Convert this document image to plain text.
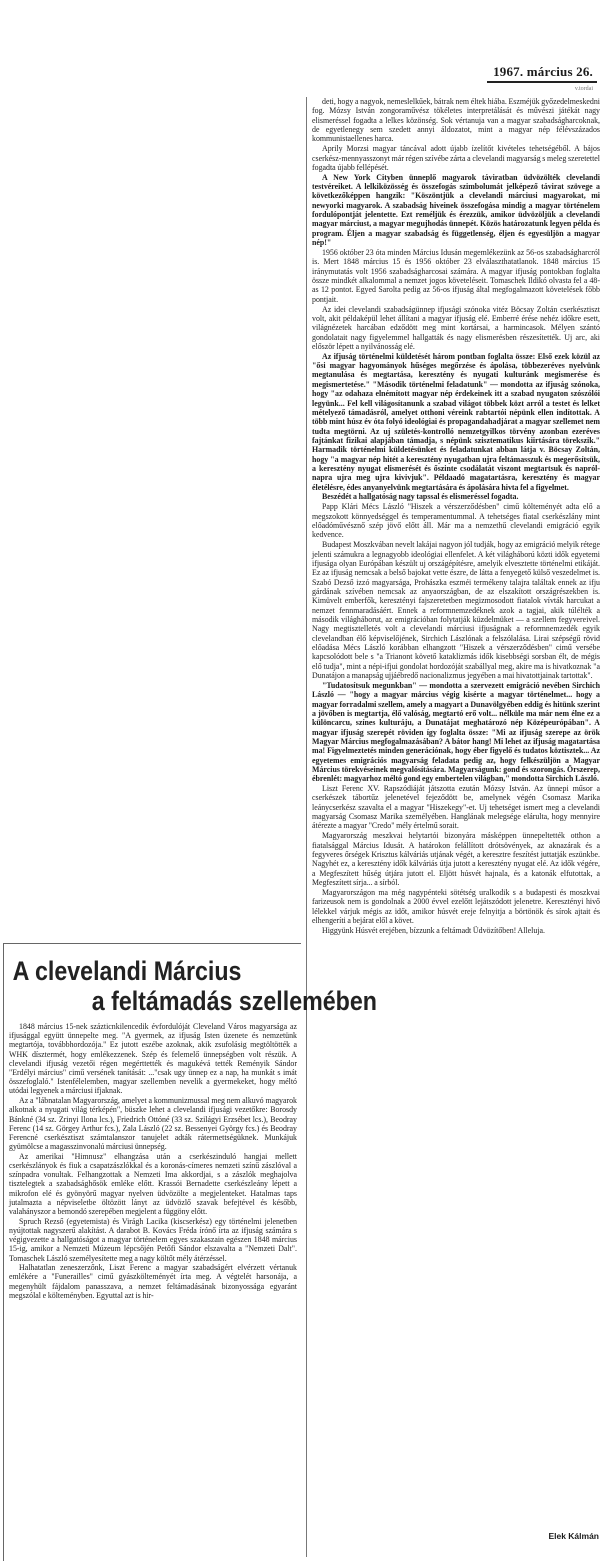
1967. március 26.
v.tordai

deti, hogy a nagyok, nemeslelkűek, bátrak nem éltek hiába. Eszméjük győzedelmeskedni fog. Mózsy István zongoraművész tökéletes interpretálását és művészi játékát nagy elismeréssel fogadta a lelkes közönség. Sok vértanuja van a magyar szabadságharcoknak, de egyetlenegy sem szedett annyi áldozatot, mint a magyar nép félévszázados kommunistaellenes harca.

Aprily Morzsi magyar táncával adott újabb ízelítőt kivételes tehetségéből. A bájos cserkész-mennyasszonyt már régen szívébe zárta a clevelandi magyarság s meleg szeretettel fogadta újabb fellépését.

A New York Cityben ünneplő magyarok táviratban üdvözölték clevelandi testvéreiket. A lelkiközösség és összefogás szimbolumát jelképező távirat szövege a következőképpen hangzik: "Köszöntjük a clevelandi márciusi magyarokat, mi newyorki magyarok. A szabadság hiveinek összefogása mindig a magyar történelem fordulópontját jelentette. Ezt reméljük és érezzük, amikor üdvözöljük a clevelandi magyar márciust, a magyar megujhodás ünnepét. Közös határozatunk legyen példa és program. Éljen a magyar szabadság és függetlenség, éljen és egyesüljön a magyar nép!"

1956 október 23 óta minden Március Idusán megemlékezünk az 56-os szabadságharcról is. Mert 1848 március 15 és 1956 október 23 elválaszthatatlanok. 1848 március 15 iránymutatás volt 1956 szabadságharcosai számára. A magyar ifjuság pontokban foglalta össze mindkét alkalommal a nemzet jogos követeléseit. Tomaschek Ildikó olvasta fel a 48-as 12 pontot. Egyed Sarolta pedig az 56-os ifjuság által megfogalmazott követelések főbb pontjait.

Az idei clevelandi szabadságünnep ifjusági szónoka vitéz Böcsay Zoltán cserkésztiszt volt, akit példaképül lehet állítani a magyar ifjuság elé. Emberré érése nehéz időkre esett, világnézetek harcában edződött meg mint kortársai, a harmincasok. Mélyen szántó gondolatait nagy figyelemmel hallgatták és nagy elismerésben részesítették. Uj arc, aki először lépett a nyilvánosság elé.

Az ifjuság történelmi küldetését három pontban foglalta össze: Első ezek közül az "ősi magyar hagyományok hűséges megőrzése és ápolása, többezeréves nyelvünk megtanulása és megtartása, keresztény és nyugati kulturánk megismerése és megismertetése." "Második történelmi feladatunk" — mondotta az ifjuság szónoka, hogy "az odahaza elnémított magyar nép érdekeinek itt a szabad nyugaton szószólói legyünk... Fel kell világosítanunk a szabad világot többek közt arról a testet és lelket mételyező támadásról, amelyet otthoni véreink rabtartói népünk ellen indítottak. A több mint húsz év óta folyó ideológiai és propagandahadjárat a magyar szellemet nem tudta megtörni. Az uj születés-kontrolló nemzetgyilkos törvény azonban ezeréves fajtánkat fizikai alapjában támadja, s népünk szisztematikus kiirtására törekszik." Harmadik történelmi küldetésünket és feladatunkat abban látja v. Böcsay Zoltán, hogy "a magyar nép hitét a keresztény nyugatban ujra feltámasszuk és megerősítsük, a keresztény nyugat elismerését és őszinte csodálatát viszont megtartsuk és napról-napra ujra meg ujra kivivjuk". Példaadó magatartásra, keresztény és magyar életélésre, édes anyanyelvünk megtartására és ápolására hivta fel a figyelmet.

Beszédét a hallgatóság nagy tapssal és elismeréssel fogadta.

Papp Klári Mécs László "Hiszek a vérszerződésben" cimű költeményét adta elő a megszokott könnyedséggel és temperamentummal. A tehetséges fiatal cserkészlány mint előadóművésznő szép jövő előtt áll. Már ma a nemzethű clevelandi emigráció egyik kedvence.

Budapest Moszkvában nevelt lakájai nagyon jól tudják, hogy az emigráció melyik rétege jelenti számukra a legnagyobb ideológiai ellenfelet. A két világháború közti idők egyetemi ifjusága olyan Európában készült uj országépítésre, amelyik elvesztette történelmi etikáját. Ez az ifjuság nemcsak a belső bajokat vette észre, de látta a fenyegető külső veszedelmet is. Szabó Dezső izzó magyarsága, Prohászka eszméi termékeny talajra találtak ennek az ifju gárdának szívében nemcsak az anyaországban, de az elszakított országrészekben is. Kimüvelt emberfők, keresztényi fajszeretetben megizmosodott fiatalok vívták harcukat a nemzet fennmaradásáért. Ennek a reformnemzedéknek azok a tagjai, akik túlélték a második világháborut, az emigrációban folytatják küzdelmüket — a szellem fegyvereivel. Nagy megtisztelletés volt a clevelandi márciusi ifjuságnak a reformnemzedék egyik clevelandban élő képviselőjének, Sirchich Lászlónak a felszólalása. Lirai szépségű rövid előadása Mécs László korábban elhangzott "Hiszek a vérszerződésben" cimű versébe kapcsolódott bele s "a Trianont követő kataklizmás idők kisebbségi sorsban élt, de mégis elő tudja", mint a népi-ifjui gondolat hordozóját szabállyal meg, akire ma is hivatkoznak "a Dunatájon a manapság ujjáébredő nacionalizmus jegyében a mai hivatottjainak tartottak".

"Tudatosítsuk megunkban" — mondotta a szervezett emigráció nevében Sirchich László — "hogy a magyar március végig kisérte a magyar történelmet... hogy a magyar forradalmi szellem, amely a magyart a Dunavölgyében eddig és hitünk szerint a jövőben is megtartja, élő valóság, megtartó erő volt... nélküle ma már nem élne ez a különcarcu, színes kulturáju, a Dunatájat meghatározó nép Középeurópában". A magyar ifjuság szerepét röviden így foglalta össze: "Mi az ifjuság szerepe az örök Magyar Március megfogalmazásában? A bátor hang! Mi lehet az ifjuság magatartása ma! Figyelmeztetés minden generációnak, hogy éber figyelő és tudatos köztisztek... Az egyetemes emigrációs magyarság feladata pedig az, hogy felkészüljön a Magyar Március törekvéseinek megvalósítására. Magyarságunk: gond és szorongás. Örszerep, ébrenlét: magyarhoz méltó gond egy embertelen világban," mondotta Sirchich László.

Liszt Ferenc XV. Rapszódiáját játszotta ezután Mózsy István. Az ünnepi műsor a cserkészek tábortűz jelenetével fejeződött be, amelynek végén Csomasz Marika leánycserkész szavalta el a magyar "Hiszekegy"-et. Uj tehetséget ismert meg a clevelandi magyarság Csomasz Marika személyében. Hanglának melegsége elárulta, hogy mennyire átérezte a magyar "Credo" mély értelmű sorait.

Magyarország meszkvai helytartói bizonyára másképpen ünnepeltették otthon a fiatalsággal Március Idusát. A határokon felállított drótsövények, az aknazárak és a fegyveres őrségek Krisztus kálváriás utjának végét, a keresztre feszítést juttatják eszünkbe. Nagyhét ez, a keresztény idők kálváriás útja jutott a keresztény nyugat elé. Az idők végére, a Megfeszített hűség útjára jutott el. Eljött húsvét hajnala, és a katonák elfutottak, a Megfeszített sírja... a sírból.

Magyarországon ma még nagypénteki sötétség uralkodik s a budapesti és moszkvai farizeusok nem is gondolnak a 2000 évvel ezelőtt lejátszódott jelenetre. Keresztényi hivő lélekkel várjuk mégis az időt, amikor húsvét ereje felnyitja a börtönök és sírok ajtait és elhengeríti a bejárat elől a követ.

Higgyünk Húsvét erejében, bízzunk a feltámadt Üdvözítőben! Alleluja.

Elek Kálmán
A clevelandi Március
a feltámadás szellemében

1848 március 15-nek százticnkilencedik évfordulóját Cleveland Város magyarsága az ifjusággal együtt ünnepelte meg. "A gyermek, az ifjuság Isten üzenete és nemzetünk megtartója, továbbhordozója." Ez jutott eszébe azoknak, akik zsufolásig megtöltötték a WHK dísztermét, hogy emlékezzenek. Szép és felemelő ünnepségben volt részük. A clevelandi ifjuság vezetői régen megérttették és magukévá tették Reményik Sándor "Erdélyi március" cimű versének tanítását: ..."csak ugy ünnep ez a nap, ha munkát s imát összefoglaló." Istenfélelemben, magyar szellemben nevelik a gyermekeket, hogy méltó utódai legyenek a márciusi ifjaknak.

Az a "lábnatalan Magyarország, amelyet a kommunizmussal meg nem alkuvó magyarok alkotnak a nyugati világ térképén", büszke lehet a clevelandi ifjusági vezetőkre: Borosdy Bánkné (34 sz. Zrinyi Ilona lcs.), Friedrich Ottóné (33 sz. Szilágyi Erzsébet lcs.), Beodray Ferenc (14 sz. Görgey Arthur fcs.), Zala László (22 sz. Bessenyei György fcs.) és Beodray Ferencné cserkésztiszt számtalanszor tanujelet adták rátermettségüknek. Munkájuk gyümölcse a magasszinvonalú márciusi ünnepség.

Az amerikai "Himnusz" elhangzása után a cserkészinduló hangjai mellett cserkészlányok és fiuk a csapatzászlókkal és a koronás-címeres nemzeti színű zászlóval a színpadra vonultak. Felhangzottak a Nemzeti Ima akkordjai, s a zászlók meghajolva tisztelegtek a szabadsághősök emléke előtt. Krassói Bernadette cserkészleány lépett a mikrofon elé és gyönyörű magyar nyelven üdvözölte a megjelenteket. Hatalmas taps jutalmazta a népviseletbe öltözött lányt az üdvözlő szavak befejtével és később, valahányszor a bemondó szerepében megjelent a függöny előtt.

Spruch Rezső (egyetemista) és Virágh Lacika (kiscserkész) egy történelmi jelenetben nyújtottak nagyszerű alakítást. A darabot B. Kovács Fréda írónő írta az ifjuság számára s végigvezette a hallgatóságot a magyar történelem egyes szakaszain egészen 1848 március 15-ig, amikor a Nemzeti Múzeum lépcsőjén Petőfi Sándor elszavalta a "Nemzeti Dalt". Tomaschek László személyesítette meg a nagy költőt mély átérzéssel.

Halhatatlan zeneszerzőnk, Liszt Ferenc a magyar szabadságért elvérzett vértanuk emlékére a "Funerailles" cimű gyászkölteményét írta meg. A végtelét harsonája, a megenyhült fájdalom panasszava, a nemzet feltámadásának bizonyossága egyaránt megszólal e költeményben. Egyuttal azt is hir-
